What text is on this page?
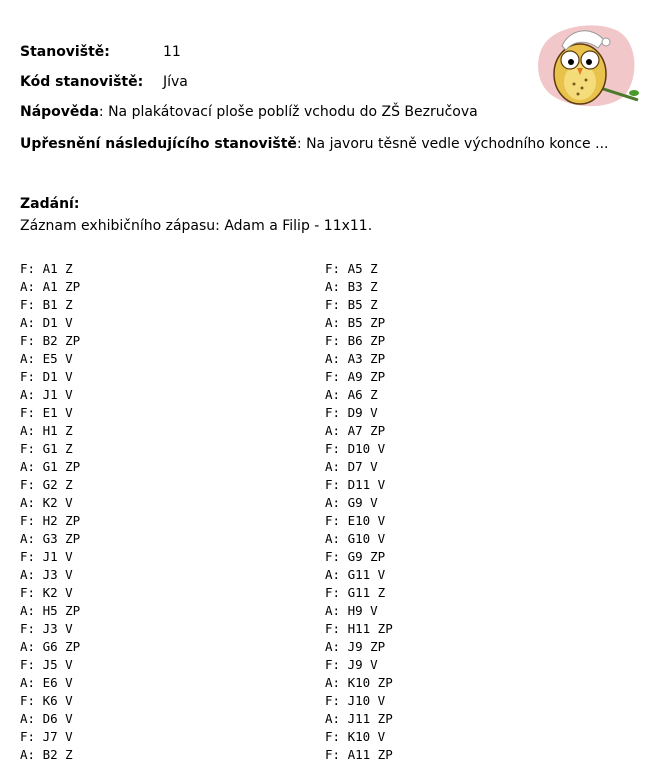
Stanoviště:	11
Kód stanoviště: Jíva
Nápověda: Na plakátovací ploše poblíž vchodu do ZŠ Bezručova
Upřesnění následujícího stanoviště: Na javoru těsně vedle východního konce ...
Zadání:
Záznam exhibičního zápasu: Adam a Filip - 11x11.
F: A1 Z
A: A1 ZP
F: B1 Z
A: D1 V
F: B2 ZP
A: E5 V
F: D1 V
A: J1 V
F: E1 V
A: H1 Z
F: G1 Z
A: G1 ZP
F: G2 Z
A: K2 V
F: H2 ZP
A: G3 ZP
F: J1 V
A: J3 V
F: K2 V
A: H5 ZP
F: J3 V
A: G6 ZP
F: J5 V
A: E6 V
F: K6 V
A: D6 V
F: J7 V
A: B2 Z
F: A5 Z
A: B3 Z
F: B5 Z
A: B5 ZP
F: B6 ZP
A: A3 ZP
F: A9 ZP
A: A6 Z
F: D9 V
A: A7 ZP
F: D10 V
A: D7 V
F: D11 V
A: G9 V
F: E10 V
A: G10 V
F: G9 ZP
A: G11 V
F: G11 Z
A: H9 V
F: H11 ZP
A: J9 ZP
F: J9 V
A: K10 ZP
F: J10 V
A: J11 ZP
F: K10 V
F: A11 ZP
